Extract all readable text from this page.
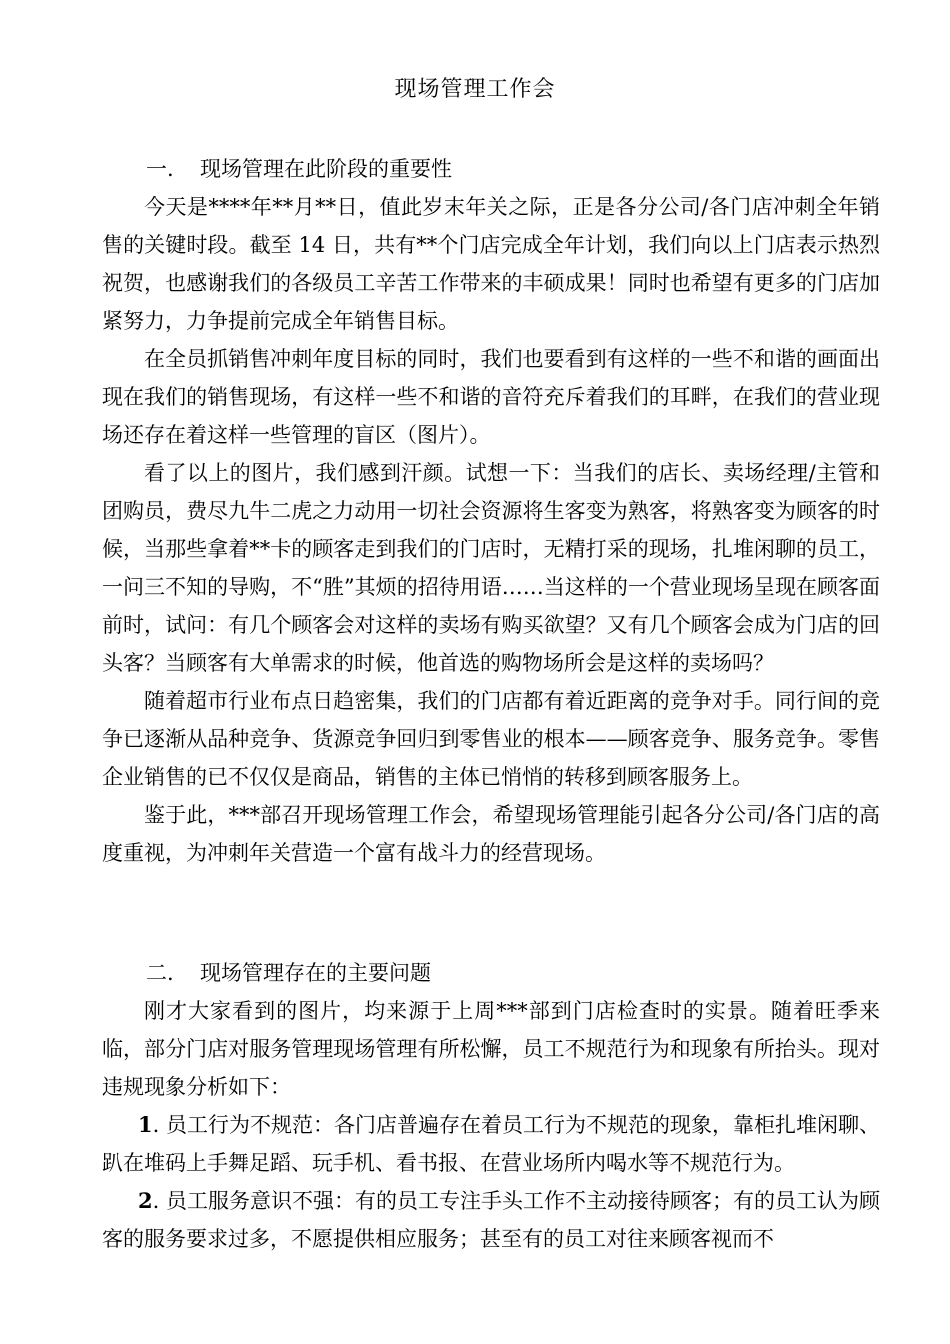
现场管理工作会

一. 现场管理在此阶段的重要性

今天是****年**月**日，值此岁末年关之际，正是各分公司/各门店冲刺全年销售的关键时段。截至 14 日，共有**个门店完成全年计划，我们向以上门店表示热烈祝贺，也感谢我们的各级员工辛苦工作带来的丰硕成果！同时也希望有更多的门店加紧努力，力争提前完成全年销售目标。

在全员抓销售冲刺年度目标的同时，我们也要看到有这样的一些不和谐的画面出现在我们的销售现场，有这样一些不和谐的音符充斥着我们的耳畔，在我们的营业现场还存在着这样一些管理的盲区（图片）。

看了以上的图片，我们感到汗颜。试想一下：当我们的店长、卖场经理/主管和团购员，费尽九牛二虎之力动用一切社会资源将生客变为熟客，将熟客变为顾客的时候，当那些拿着**卡的顾客走到我们的门店时，无精打采的现场，扎堆闲聊的员工，一问三不知的导购，不“胜”其烦的招待用语……当这样的一个营业现场呈现在顾客面前时，试问：有几个顾客会对这样的卖场有购买欲望？又有几个顾客会成为门店的回头客？当顾客有大单需求的时候，他首选的购物场所会是这样的卖场吗？

随着超市行业布点日趋密集，我们的门店都有着近距离的竞争对手。同行间的竞争已逐渐从品种竞争、货源竞争回归到零售业的根本——顾客竞争、服务竞争。零售企业销售的已不仅仅是商品，销售的主体已悄悄的转移到顾客服务上。

鉴于此，***部召开现场管理工作会，希望现场管理能引起各分公司/各门店的高度重视，为冲刺年关营造一个富有战斗力的经营现场。

二. 现场管理存在的主要问题

刚才大家看到的图片，均来源于上周***部到门店检查时的实景。随着旺季来临，部分门店对服务管理现场管理有所松懈，员工不规范行为和现象有所抬头。现对违规现象分析如下：

1. 员工行为不规范：各门店普遍存在着员工行为不规范的现象，靠柜扎堆闲聊、趴在堆码上手舞足蹈、玩手机、看书报、在营业场所内喝水等不规范行为。

2. 员工服务意识不强：有的员工专注手头工作不主动接待顾客；有的员工认为顾客的服务要求过多，不愿提供相应服务；甚至有的员工对往来顾客视而不
